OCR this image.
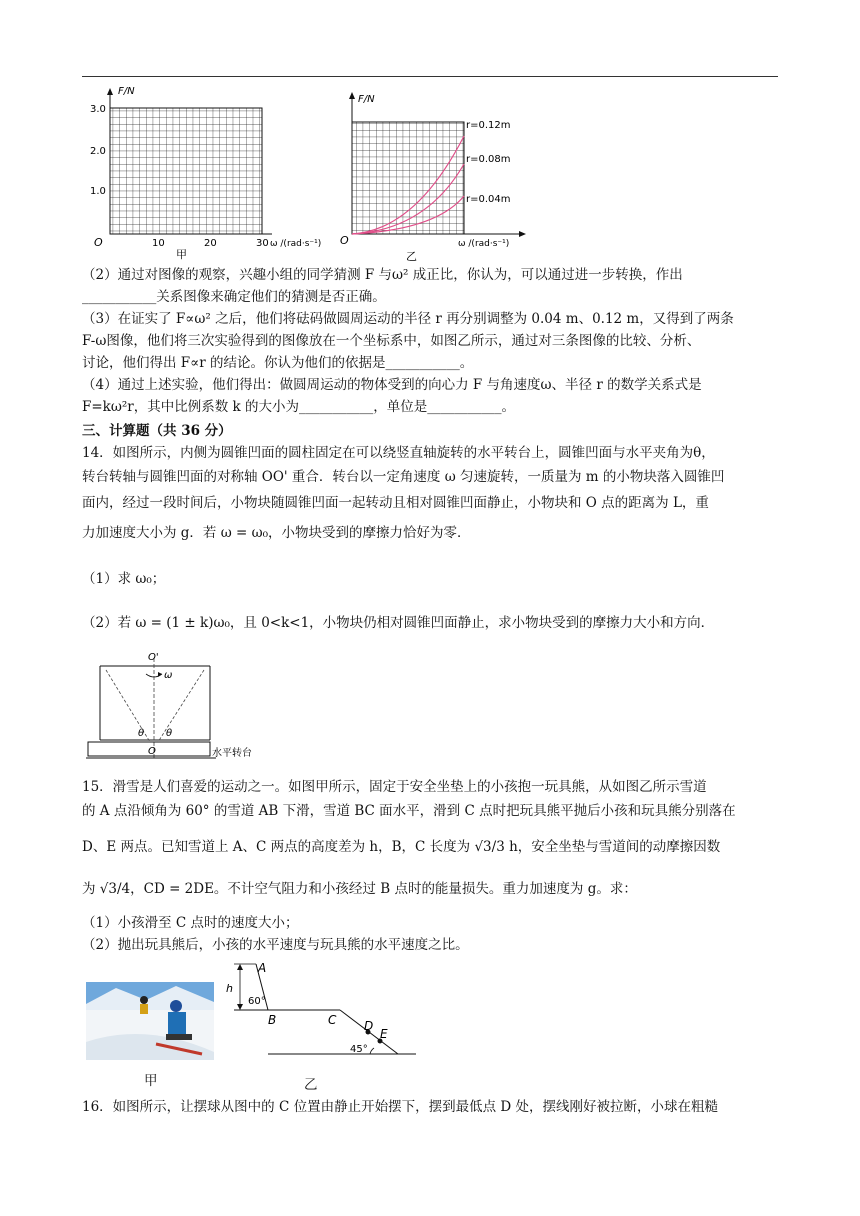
F/N
3.0
2.0
1.0
O	10	20	30 ω /(rad·s⁻¹)
甲
F/N
r=0.12m
r=0.08m
r=0.04m
O	ω /(rad·s⁻¹)
乙
（2）通过对图像的观察，兴趣小组的同学猜测 F 与ω² 成正比，你认为，可以通过进一步转换，作出
___________关系图像来确定他们的猜测是否正确。
（3）在证实了 F∝ω² 之后，他们将砝码做圆周运动的半径 r 再分别调整为 0.04 m、0.12 m，又得到了两条
F-ω图像，他们将三次实验得到的图像放在一个坐标系中，如图乙所示，通过对三条图像的比较、分析、
讨论，他们得出 F∝r 的结论。你认为他们的依据是___________。
（4）通过上述实验，他们得出：做圆周运动的物体受到的向心力 F 与角速度ω、半径 r 的数学关系式是
F=kω²r，其中比例系数 k 的大小为___________，单位是___________。
三、计算题（共 36 分）
14．如图所示，内侧为圆锥凹面的圆柱固定在可以绕竖直轴旋转的水平转台上，圆锥凹面与水平夹角为θ，
转台转轴与圆锥凹面的对称轴 OO' 重合．转台以一定角速度 ω 匀速旋转，一质量为 m 的小物块落入圆锥凹
面内，经过一段时间后，小物块随圆锥凹面一起转动且相对圆锥凹面静止，小物块和 O 点的距离为 L，重
力加速度大小为 g．若 ω = ω₀，小物块受到的摩擦力恰好为零．
（1）求 ω₀；
（2）若 ω = (1 ± k)ω₀，且 0<k<1，小物块仍相对圆锥凹面静止，求小物块受到的摩擦力大小和方向．
O'
ω
θ θ
O	水平转台
15．滑雪是人们喜爱的运动之一。如图甲所示，固定于安全坐垫上的小孩抱一玩具熊，从如图乙所示雪道
的 A 点沿倾角为 60° 的雪道 AB 下滑，雪道 BC 面水平，滑到 C 点时把玩具熊平抛后小孩和玩具熊分别落在
D、E 两点。已知雪道上 A、C 两点的高度差为 h，B，C 长度为 √3/3 h，安全坐垫与雪道间的动摩擦因数
为 √3/4，CD = 2DE。不计空气阻力和小孩经过 B 点时的能量损失。重力加速度为 g。求：
（1）小孩滑至 C 点时的速度大小；
（2）抛出玩具熊后，小孩的水平速度与玩具熊的水平速度之比。
甲
A
h
60°
B	C D
E
45°
乙
16．如图所示，让摆球从图中的 C 位置由静止开始摆下，摆到最低点 D 处，摆线刚好被拉断，小球在粗糙
